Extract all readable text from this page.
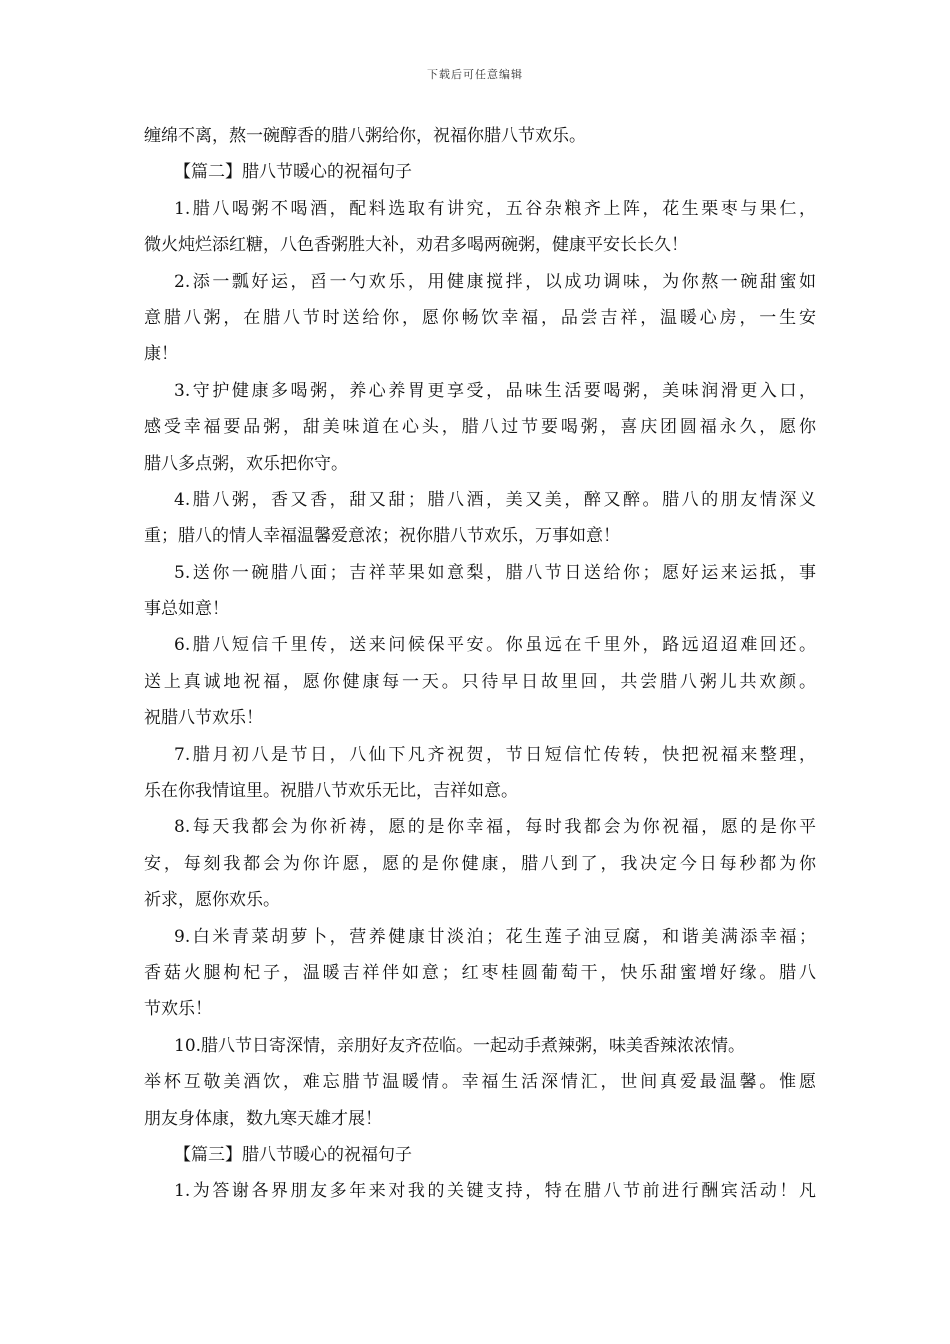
下载后可任意编辑
缠绵不离，熬一碗醇香的腊八粥给你，祝福你腊八节欢乐。
【篇二】腊八节暖心的祝福句子
1.腊八喝粥不喝酒，配料选取有讲究，五谷杂粮齐上阵，花生栗枣与果仁，
微火炖烂添红糖，八色香粥胜大补，劝君多喝两碗粥，健康平安长长久！
2.添一瓢好运，舀一勺欢乐，用健康搅拌，以成功调味，为你熬一碗甜蜜如
意腊八粥，在腊八节时送给你，愿你畅饮幸福，品尝吉祥，温暖心房，一生安
康！
3.守护健康多喝粥，养心养胃更享受，品味生活要喝粥，美味润滑更入口，
感受幸福要品粥，甜美味道在心头，腊八过节要喝粥，喜庆团圆福永久，愿你
腊八多点粥，欢乐把你守。
4.腊八粥，香又香，甜又甜；腊八酒，美又美，醉又醉。腊八的朋友情深义
重；腊八的情人幸福温馨爱意浓；祝你腊八节欢乐，万事如意！
5.送你一碗腊八面；吉祥苹果如意梨，腊八节日送给你；愿好运来运抵，事
事总如意！
6.腊八短信千里传，送来问候保平安。你虽远在千里外，路远迢迢难回还。
送上真诚地祝福，愿你健康每一天。只待早日故里回，共尝腊八粥儿共欢颜。
祝腊八节欢乐！
7.腊月初八是节日，八仙下凡齐祝贺，节日短信忙传转，快把祝福来整理，
乐在你我情谊里。祝腊八节欢乐无比，吉祥如意。
8.每天我都会为你祈祷，愿的是你幸福，每时我都会为你祝福，愿的是你平
安，每刻我都会为你许愿，愿的是你健康，腊八到了，我决定今日每秒都为你
祈求，愿你欢乐。
9.白米青菜胡萝卜，营养健康甘淡泊；花生莲子油豆腐，和谐美满添幸福；
香菇火腿枸杞子，温暖吉祥伴如意；红枣桂圆葡萄干，快乐甜蜜增好缘。腊八
节欢乐！
10.腊八节日寄深情，亲朋好友齐莅临。一起动手煮辣粥，味美香辣浓浓情。
举杯互敬美酒饮，难忘腊节温暖情。幸福生活深情汇，世间真爱最温馨。惟愿
朋友身体康，数九寒天雄才展！
【篇三】腊八节暖心的祝福句子
1.为答谢各界朋友多年来对我的关键支持，特在腊八节前进行酬宾活动！凡
